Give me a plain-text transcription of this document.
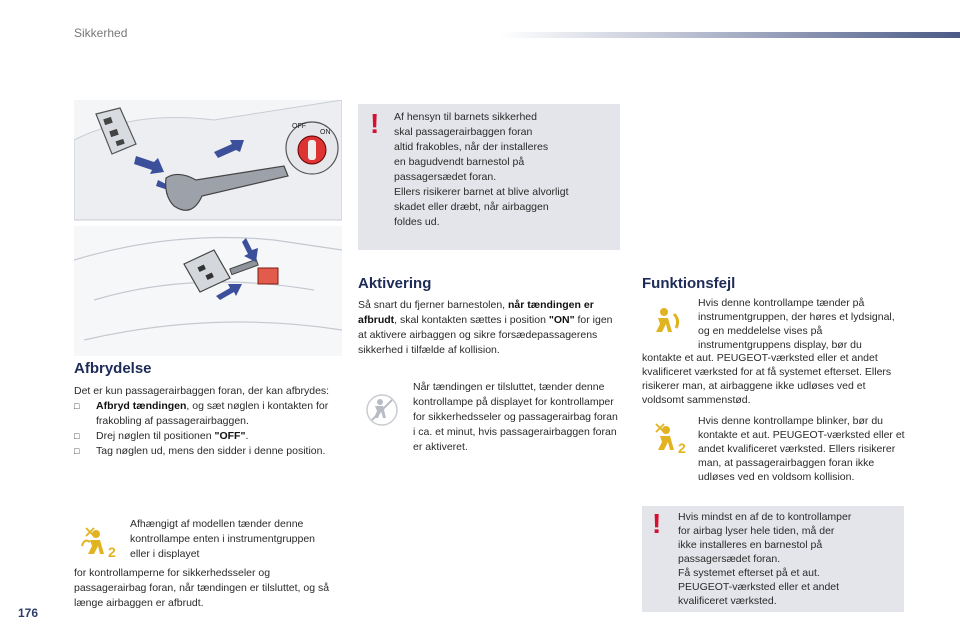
Sikkerhed
OFF
ON
Afbrydelse

Det er kun passagerairbaggen foran, der kan afbrydes:

□ Afbryd tændingen, og sæt nøglen i kontakten for frakobling af passagerairbaggen.
□ Drej nøglen til positionen "OFF".
□ Tag nøglen ud, mens den sidder i denne position.
2
Afhængigt af modellen tænder denne kontrollampe enten i instrumentgruppen eller i displayet
for kontrollamperne for sikkerhedsseler og passagerairbag foran, når tændingen er tilsluttet, og så længe airbaggen er afbrudt.
! Af hensyn til barnets sikkerhed

skal passagerairbaggen foran

altid frakobles, når der installeres

en bagudvendt barnestol på

passagersædet foran.

Ellers risikerer barnet at blive alvorligt

skadet eller dræbt, når airbaggen

foldes ud.

Aktivering
Så snart du fjerner barnestolen, når tændingen er afbrudt, skal kontakten sættes i position "ON" for igen at aktivere airbaggen og sikre forsædepassagerens sikkerhed i tilfælde af kollision.
Når tændingen er tilsluttet, tænder denne kontrollampe på displayet for kontrollamper for sikkerhedsseler og passagerairbag foran i ca. et minut, hvis passagerairbaggen foran er aktiveret.
Funktionsfejl
Hvis denne kontrollampe tænder på instrumentgruppen, der høres et lydsignal, og en meddelelse vises på instrumentgruppens display, bør du
kontakte et aut. PEUGEOT-værksted eller et andet kvalificeret værksted for at få systemet efterset. Ellers risikerer man, at airbaggene ikke udløses ved et voldsomt sammenstød.
2
Hvis denne kontrollampe blinker, bør du kontakte et aut. PEUGEOT-værksted eller et andet kvalificeret værksted. Ellers risikerer man, at passagerairbaggen foran ikke udløses ved en voldsom kollision.
! Hvis mindst en af de to kontrollamper

for airbag lyser hele tiden, må der

ikke installeres en barnestol på

passagersædet foran.

Få systemet efterset på et aut.

PEUGEOT-værksted eller et andet

kvalificeret værksted.

176
